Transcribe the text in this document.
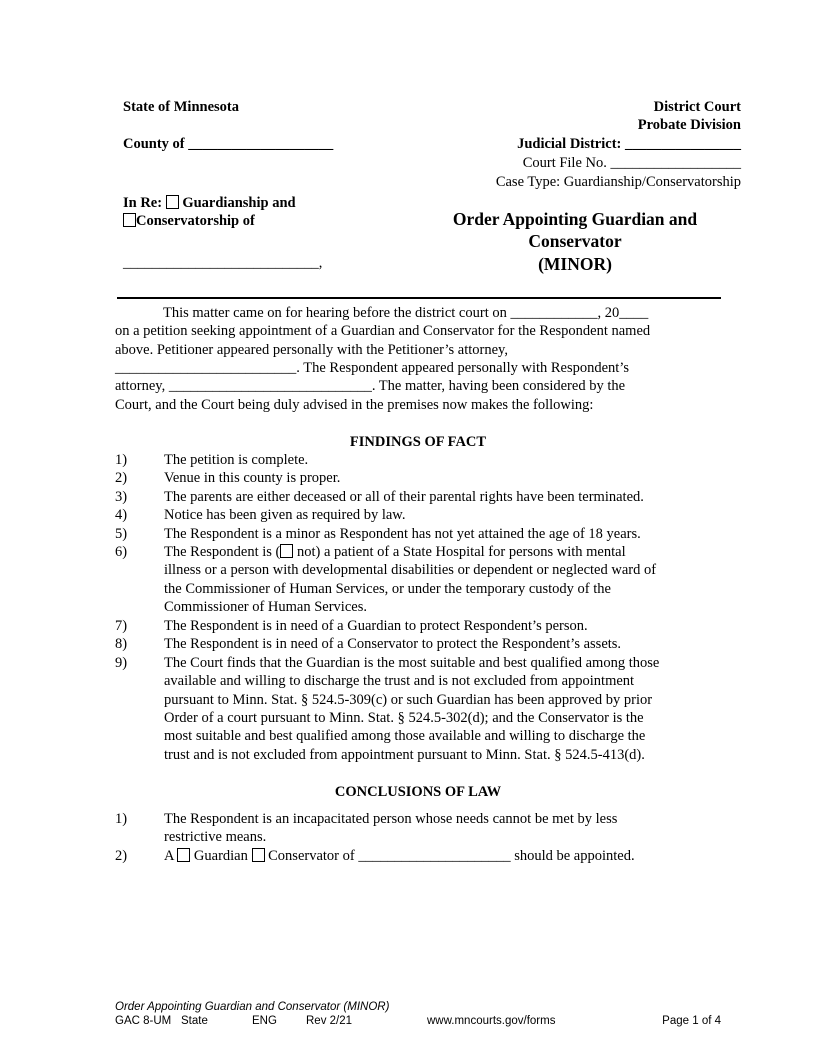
State of Minnesota
County of ____________________
District Court
Probate Division
Judicial District: ________________
Court File No. __________________
Case Type: Guardianship/Conservatorship
In Re: Guardianship and
Conservatorship of
___________________________,
Order Appointing Guardian and
Conservator
(MINOR)
This matter came on for hearing before the district court on ____________, 20____
on a petition seeking appointment of a Guardian and Conservator for the Respondent named
above. Petitioner appeared personally with the Petitioner’s attorney,
_________________________. The Respondent appeared personally with Respondent’s
attorney, ____________________________. The matter, having been considered by the
Court, and the Court being duly advised in the premises now makes the following:
FINDINGS OF FACT
1)	The petition is complete.
2)	Venue in this county is proper.
3)	The parents are either deceased or all of their parental rights have been terminated.
4)	Notice has been given as required by law.
5)	The Respondent is a minor as Respondent has not yet attained the age of 18 years.
6)	The Respondent is ( not) a patient of a State Hospital for persons with mental
illness or a person with developmental disabilities or dependent or neglected ward of
the Commissioner of Human Services, or under the temporary custody of the
Commissioner of Human Services.
7)	The Respondent is in need of a Guardian to protect Respondent’s person.
8)	The Respondent is in need of a Conservator to protect the Respondent’s assets.
9)	The Court finds that the Guardian is the most suitable and best qualified among those
available and willing to discharge the trust and is not excluded from appointment
pursuant to Minn. Stat. § 524.5-309(c) or such Guardian has been approved by prior
Order of a court pursuant to Minn. Stat. § 524.5-302(d); and the Conservator is the
most suitable and best qualified among those available and willing to discharge the
trust and is not excluded from appointment pursuant to Minn. Stat. § 524.5-413(d).
CONCLUSIONS OF LAW
1)	The Respondent is an incapacitated person whose needs cannot be met by less
restrictive means.
2)	A  Guardian  Conservator of _____________________ should be appointed.
Order Appointing Guardian and Conservator (MINOR)
GAC 8-UM State	ENG	Rev 2/21	www.mncourts.gov/forms	Page 1 of 4
